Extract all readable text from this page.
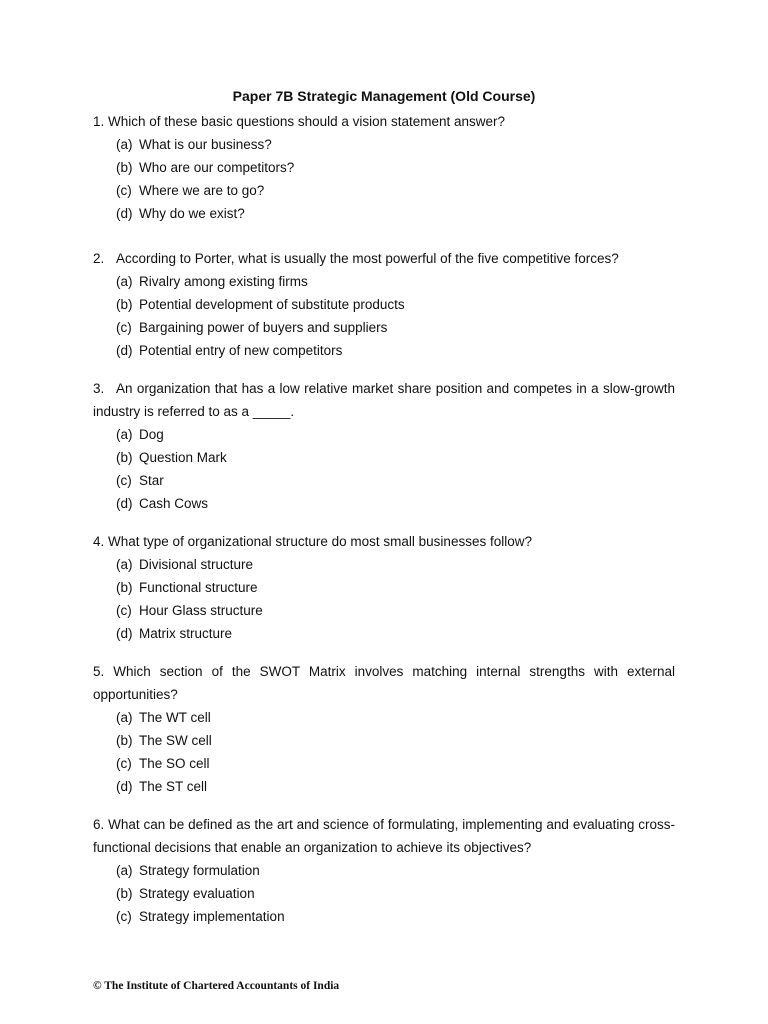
Paper 7B Strategic Management (Old Course)
1. Which of these basic questions should a vision statement answer?
(a) What is our business?
(b) Who are our competitors?
(c) Where we are to go?
(d) Why do we exist?
2. According to Porter, what is usually the most powerful of the five competitive forces?
(a) Rivalry among existing firms
(b) Potential development of substitute products
(c) Bargaining power of buyers and suppliers
(d) Potential entry of new competitors
3. An organization that has a low relative market share position and competes in a slow-growth industry is referred to as a _____.
(a) Dog
(b) Question Mark
(c) Star
(d) Cash Cows
4. What type of organizational structure do most small businesses follow?
(a) Divisional structure
(b) Functional structure
(c) Hour Glass structure
(d) Matrix structure
5. Which section of the SWOT Matrix involves matching internal strengths with external opportunities?
(a) The WT cell
(b) The SW cell
(c) The SO cell
(d) The ST cell
6. What can be defined as the art and science of formulating, implementing and evaluating cross-functional decisions that enable an organization to achieve its objectives?
(a) Strategy formulation
(b) Strategy evaluation
(c) Strategy implementation
© The Institute of Chartered Accountants of India
